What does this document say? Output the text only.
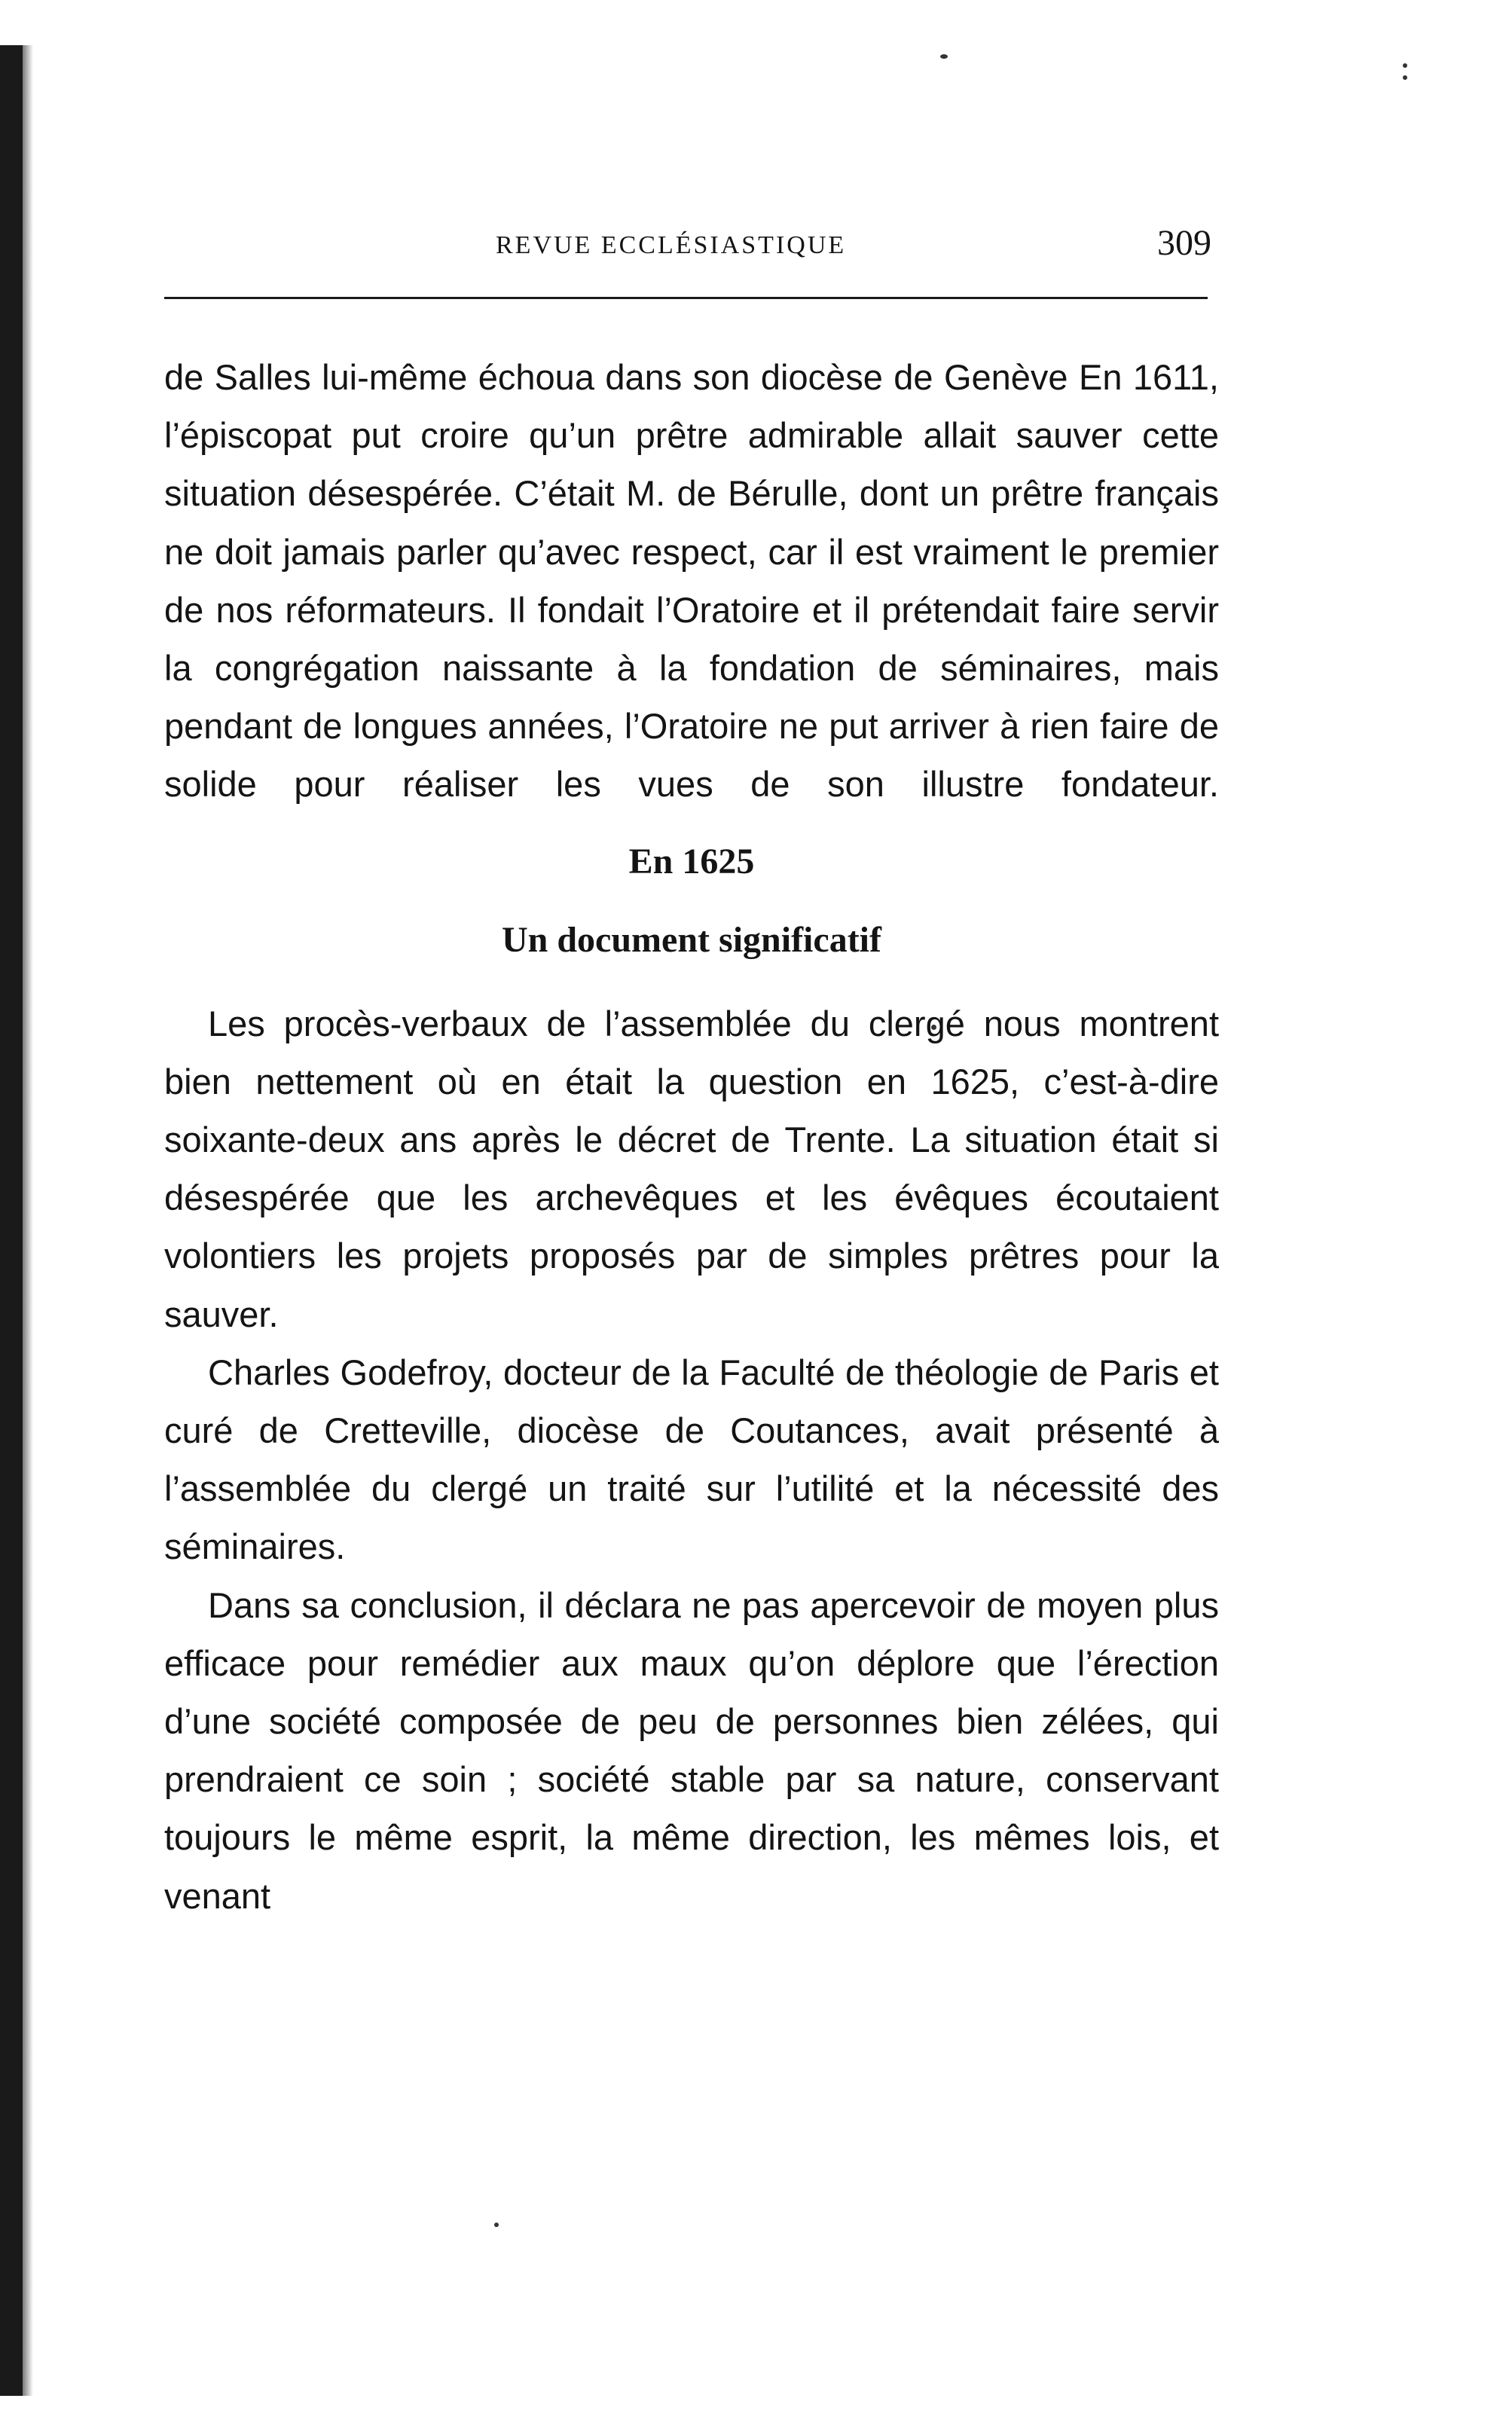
REVUE ECCLÉSIASTIQUE	309

de Salles lui-même échoua dans son diocèse de Genève En 1611, l’épiscopat put croire qu’un prêtre admirable allait sauver cette situation désespérée. C’était M. de Bérulle, dont un prêtre français ne doit jamais parler qu’avec respect, car il est vraiment le premier de nos réformateurs. Il fondait l’Oratoire et il prétendait faire servir la congrégation naissante à la fondation de séminaires, mais pendant de longues années, l’Oratoire ne put arriver à rien faire de solide pour réaliser les vues de son illustre fondateur.

En 1625

Un document significatif

Les procès-verbaux de l’assemblée du clergé nous montrent bien nettement où en était la question en 1625, c’est-à-dire soixante-deux ans après le décret de Trente. La situation était si désespérée que les archevêques et les évêques écoutaient volontiers les projets proposés par de simples prêtres pour la sauver.

Charles Godefroy, docteur de la Faculté de théologie de Paris et curé de Cretteville, diocèse de Coutances, avait présenté à l’assemblée du clergé un traité sur l’utilité et la nécessité des séminaires.

Dans sa conclusion, il déclara ne pas apercevoir de moyen plus efficace pour remédier aux maux qu’on déplore que l’érection d’une société composée de peu de personnes bien zélées, qui prendraient ce soin ; société stable par sa nature, conservant toujours le même esprit, la même direction, les mêmes lois, et venant
